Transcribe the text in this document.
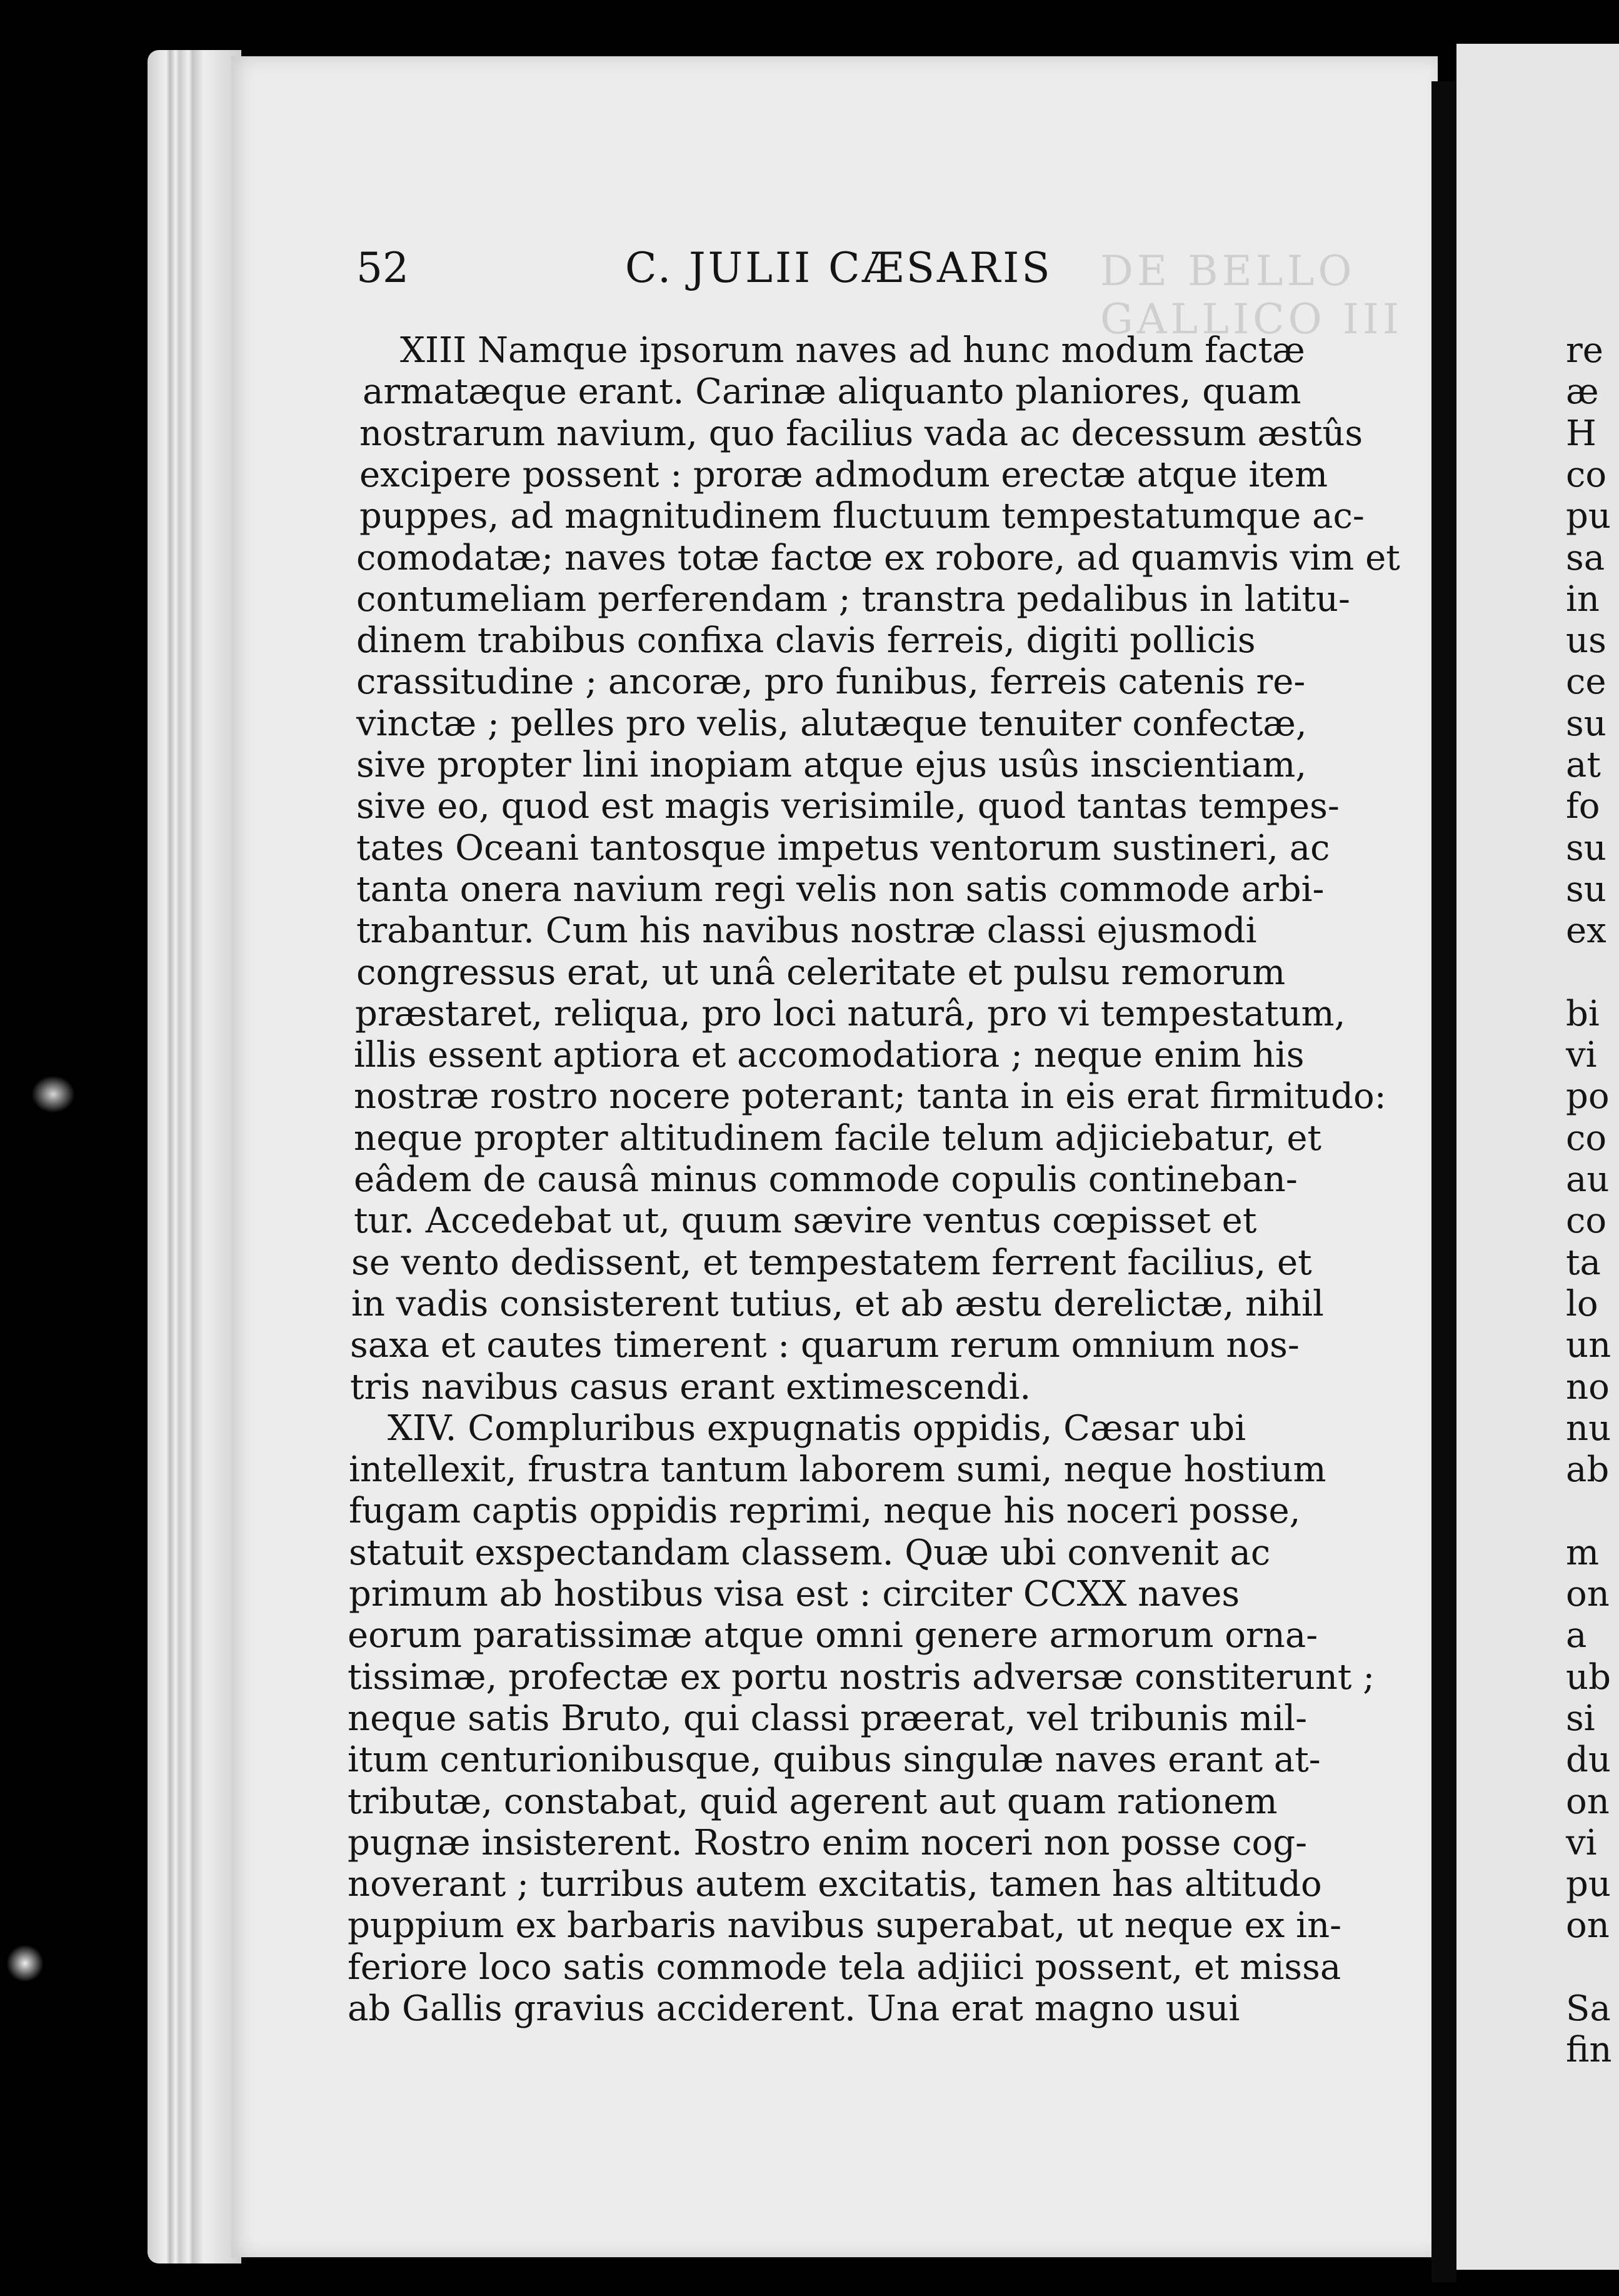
DE BELLO GALLICO III
52	C. JULII CÆSARIS
XIII Namque ipsorum naves ad hunc modum factæ
armatæque erant. Carinæ aliquanto planiores, quam
nostrarum navium, quo facilius vada ac decessum æstûs
excipere possent : proræ admodum erectæ atque item
puppes, ad magnitudinem fluctuum tempestatumque ac-
comodatæ; naves totæ factœ ex robore, ad quamvis vim et
contumeliam perferendam ; transtra pedalibus in latitu-
dinem trabibus confixa clavis ferreis, digiti pollicis
crassitudine ; ancoræ, pro funibus, ferreis catenis re-
vinctæ ; pelles pro velis, alutæque tenuiter confectæ,
sive propter lini inopiam atque ejus usûs inscientiam,
sive eo, quod est magis verisimile, quod tantas tempes-
tates Oceani tantosque impetus ventorum sustineri, ac
tanta onera navium regi velis non satis commode arbi-
trabantur. Cum his navibus nostræ classi ejusmodi
congressus erat, ut unâ celeritate et pulsu remorum
præstaret, reliqua, pro loci naturâ, pro vi tempestatum,
illis essent aptiora et accomodatiora ; neque enim his
nostræ rostro nocere poterant; tanta in eis erat firmitudo:
neque propter altitudinem facile telum adjiciebatur, et
eâdem de causâ minus commode copulis contineban-
tur. Accedebat ut, quum sævire ventus cœpisset et
se vento dedissent, et tempestatem ferrent facilius, et
in vadis consisterent tutius, et ab æstu derelictæ, nihil
saxa et cautes timerent : quarum rerum omnium nos-
tris navibus casus erant extimescendi.
XIV. Compluribus expugnatis oppidis, Cæsar ubi
intellexit, frustra tantum laborem sumi, neque hostium
fugam captis oppidis reprimi, neque his noceri posse,
statuit exspectandam classem. Quæ ubi convenit ac
primum ab hostibus visa est : circiter CCXX naves
eorum paratissimæ atque omni genere armorum orna-
tissimæ, profectæ ex portu nostris adversæ constiterunt ;
neque satis Bruto, qui classi præerat, vel tribunis mil-
itum centurionibusque, quibus singulæ naves erant at-
tributæ, constabat, quid agerent aut quam rationem
pugnæ insisterent. Rostro enim noceri non posse cog-
noverant ; turribus autem excitatis, tamen has altitudo
puppium ex barbaris navibus superabat, ut neque ex in-
feriore loco satis commode tela adjiici possent, et missa
ab Gallis gravius acciderent. Una erat magno usui
re
æ
H
co
pu
sa
in
us
ce
su
at
fo
su
su
ex
bi
vi
po
co
au
co
ta
lo
un
no
nu
ab
m
on
a
ub
si
du
on
vi
pu
on
Sa
fin
